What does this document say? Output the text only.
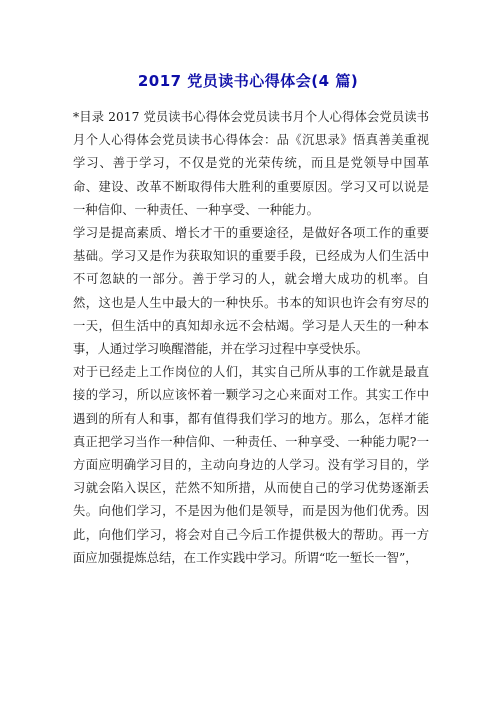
2017 党员读书心得体会(4 篇)

*目录 2017 党员读书心得体会党员读书月个人心得体会党员读书月个人心得体会党员读书心得体会：品《沉思录》悟真善美重视学习、善于学习，不仅是党的光荣传统，而且是党领导中国革命、建设、改革不断取得伟大胜利的重要原因。学习又可以说是一种信仰、一种责任、一种享受、一种能力。

学习是提高素质、增长才干的重要途径，是做好各项工作的重要基础。学习又是作为获取知识的重要手段，已经成为人们生活中不可忽缺的一部分。善于学习的人，就会增大成功的机率。自然，这也是人生中最大的一种快乐。书本的知识也许会有穷尽的一天，但生活中的真知却永远不会枯竭。学习是人天生的一种本事，人通过学习唤醒潜能，并在学习过程中享受快乐。

对于已经走上工作岗位的人们，其实自己所从事的工作就是最直接的学习，所以应该怀着一颗学习之心来面对工作。其实工作中遇到的所有人和事，都有值得我们学习的地方。那么，怎样才能真正把学习当作一种信仰、一种责任、一种享受、一种能力呢?一方面应明确学习目的，主动向身边的人学习。没有学习目的，学习就会陷入误区，茫然不知所措，从而使自己的学习优势逐渐丢失。向他们学习，不是因为他们是领导，而是因为他们优秀。因此，向他们学习，将会对自己今后工作提供极大的帮助。再一方面应加强提炼总结，在工作实践中学习。所谓“吃一堑长一智”，
